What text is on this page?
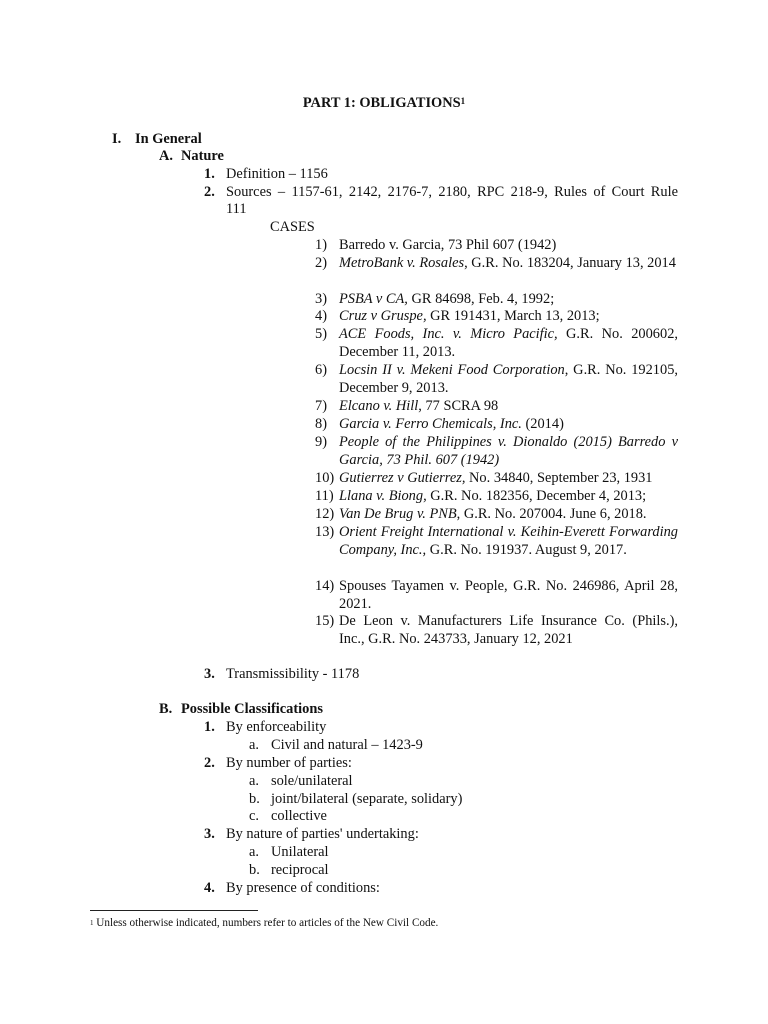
PART 1: OBLIGATIONS$^1$
I. In General
A. Nature
1. Definition – 1156
2. Sources – 1157-61, 2142, 2176-7, 2180, RPC 218-9, Rules of Court Rule
111
CASES
1) Barredo v. Garcia, 73 Phil 607 (1942)
2) MetroBank v. Rosales, G.R. No. 183204, January 13, 2014
3) PSBA v CA, GR 84698, Feb. 4, 1992;
4) Cruz v Gruspe, GR 191431, March 13, 2013;
5) ACE Foods, Inc. v. Micro Pacific, G.R. No. 200602, December 11, 2013.
6) Locsin II v. Mekeni Food Corporation, G.R. No. 192105, December 9, 2013.
7) Elcano v. Hill, 77 SCRA 98
8) Garcia v. Ferro Chemicals, Inc. (2014)
9) People of the Philippines v. Dionaldo (2015) Barredo v Garcia, 73 Phil. 607 (1942)
10) Gutierrez v Gutierrez, No. 34840, September 23, 1931
11) Llana v. Biong, G.R. No. 182356, December 4, 2013;
12) Van De Brug v. PNB, G.R. No. 207004. June 6, 2018.
13) Orient Freight International v. Keihin-Everett Forwarding Company, Inc., G.R. No. 191937. August 9, 2017.
14) Spouses Tayamen v. People, G.R. No. 246986, April 28, 2021.
15) De Leon v. Manufacturers Life Insurance Co. (Phils.), Inc., G.R. No. 243733, January 12, 2021
3. Transmissibility - 1178
B. Possible Classifications
1. By enforceability
a. Civil and natural – 1423-9
2. By number of parties:
a. sole/unilateral
b. joint/bilateral (separate, solidary)
c. collective
3. By nature of parties' undertaking:
a. Unilateral
b. reciprocal
4. By presence of conditions:
$^1$ Unless otherwise indicated, numbers refer to articles of the New Civil Code.
